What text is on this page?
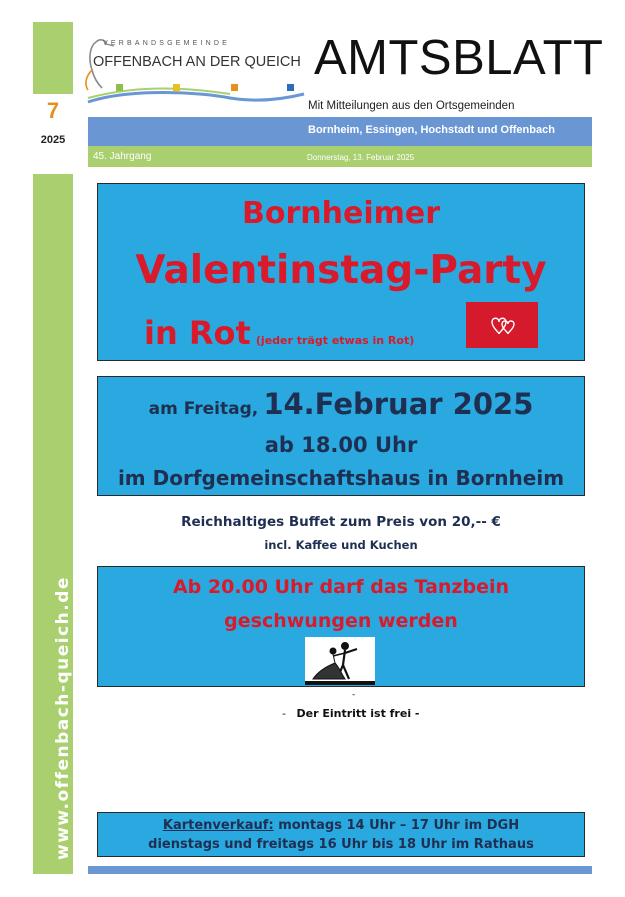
7
2025
www.offenbach-queich.de
VERBANDSGEMEINDE
OFFENBACH AN DER QUEICH AMTSBLATT
Mit Mitteilungen aus den Ortsgemeinden
Bornheim, Essingen, Hochstadt und Offenbach
45. Jahrgang	Donnerstag, 13. Februar 2025
Bornheimer
Valentinstag-Party
in Rot (jeder trägt etwas in Rot)
am Freitag, 14.Februar 2025
ab 18.00 Uhr
im Dorfgemeinschaftshaus in Bornheim
Reichhaltiges Buffet zum Preis von 20,-- €
incl. Kaffee und Kuchen
Ab 20.00 Uhr darf das Tanzbein
geschwungen werden
-
- Der Eintritt ist frei -
Kartenverkauf: montags 14 Uhr – 17 Uhr im DGH
dienstags und freitags 16 Uhr bis 18 Uhr im Rathaus
